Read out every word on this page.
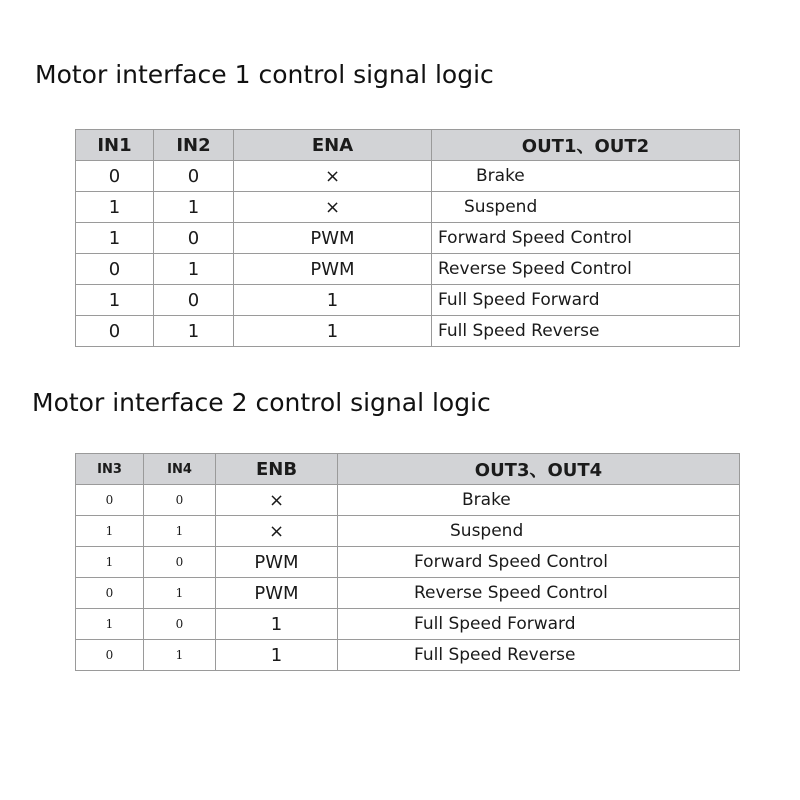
Motor interface 1 control signal logic
IN1	IN2	ENA	OUT1、OUT2
0	0	×	Brake
1	1	×	Suspend
1	0	PWM	Forward Speed Control
0	1	PWM	Reverse Speed Control
1	0	1	Full Speed Forward
0	1	1	Full Speed Reverse
Motor interface 2 control signal logic
IN3	IN4	ENB	OUT3、OUT4
0	0	×	Brake
1	1	×	Suspend
1	0	PWM	Forward Speed Control
0	1	PWM	Reverse Speed Control
1	0	1	Full Speed Forward
0	1	1	Full Speed Reverse
